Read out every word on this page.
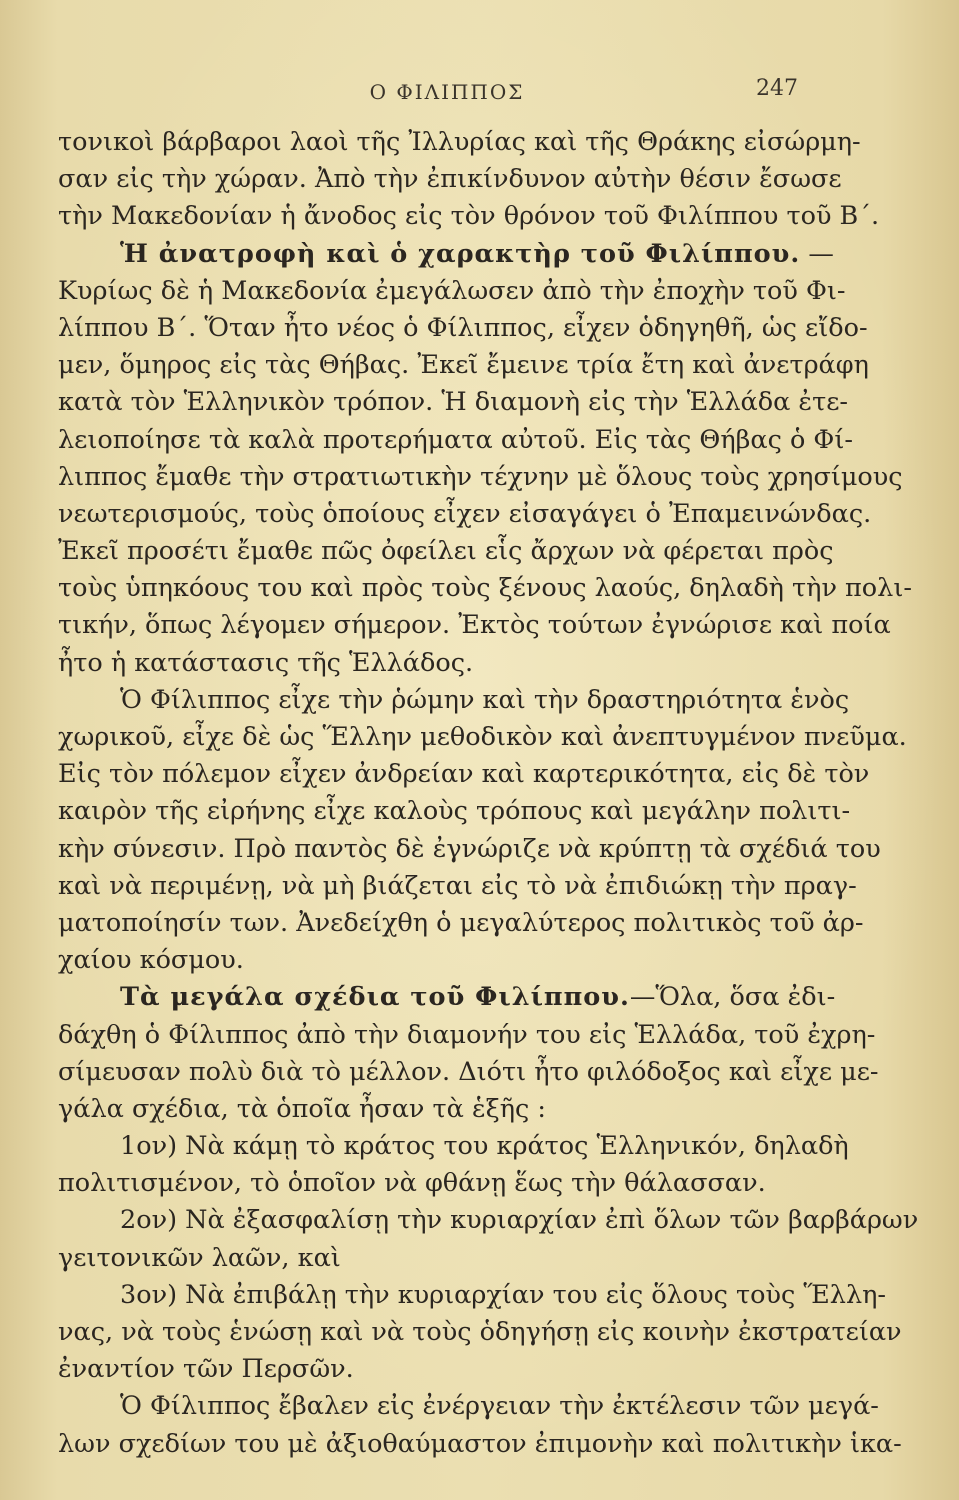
Ο ΦΙΛΙΠΠΟΣ	247
τονικοὶ βάρβαροι λαοὶ τῆς Ἰλλυρίας καὶ τῆς Θράκης εἰσώρμη-
σαν εἰς τὴν χώραν. Ἀπὸ τὴν ἐπικίνδυνον αὐτὴν θέσιν ἔσωσε
τὴν Μακεδονίαν ἡ ἄνοδος εἰς τὸν θρόνον τοῦ Φιλίππου τοῦ Β΄.
Ἡ ἀνατροφὴ καὶ ὁ χαρακτὴρ τοῦ Φιλίππου. —
Κυρίως δὲ ἡ Μακεδονία ἐμεγάλωσεν ἀπὸ τὴν ἐποχὴν τοῦ Φι-
λίππου Β΄. Ὅταν ἦτο νέος ὁ Φίλιππος, εἶχεν ὁδηγηθῆ, ὡς εἴδο-
μεν, ὅμηρος εἰς τὰς Θήβας. Ἐκεῖ ἔμεινε τρία ἔτη καὶ ἀνετράφη
κατὰ τὸν Ἑλληνικὸν τρόπον. Ἡ διαμονὴ εἰς τὴν Ἑλλάδα ἐτε-
λειοποίησε τὰ καλὰ προτερήματα αὐτοῦ. Εἰς τὰς Θήβας ὁ Φί-
λιππος ἔμαθε τὴν στρατιωτικὴν τέχνην μὲ ὅλους τοὺς χρησίμους
νεωτερισμούς, τοὺς ὁποίους εἶχεν εἰσαγάγει ὁ Ἐπαμεινώνδας.
Ἐκεῖ προσέτι ἔμαθε πῶς ὀφείλει εἷς ἄρχων νὰ φέρεται πρὸς
τοὺς ὑπηκόους του καὶ πρὸς τοὺς ξένους λαούς, δηλαδὴ τὴν πολι-
τικήν, ὅπως λέγομεν σήμερον. Ἐκτὸς τούτων ἐγνώρισε καὶ ποία
ἦτο ἡ κατάστασις τῆς Ἑλλάδος.
Ὁ Φίλιππος εἶχε τὴν ῥώμην καὶ τὴν δραστηριότητα ἑνὸς
χωρικοῦ, εἶχε δὲ ὡς Ἕλλην μεθοδικὸν καὶ ἀνεπτυγμένον πνεῦμα.
Εἰς τὸν πόλεμον εἶχεν ἀνδρείαν καὶ καρτερικότητα, εἰς δὲ τὸν
καιρὸν τῆς εἰρήνης εἶχε καλοὺς τρόπους καὶ μεγάλην πολιτι-
κὴν σύνεσιν. Πρὸ παντὸς δὲ ἐγνώριζε νὰ κρύπτῃ τὰ σχέδιά του
καὶ νὰ περιμένῃ, νὰ μὴ βιάζεται εἰς τὸ νὰ ἐπιδιώκῃ τὴν πραγ-
ματοποίησίν των. Ἀνεδείχθη ὁ μεγαλύτερος πολιτικὸς τοῦ ἀρ-
χαίου κόσμου.
Τὰ μεγάλα σχέδια τοῦ Φιλίππου.—Ὅλα, ὅσα ἐδι-
δάχθη ὁ Φίλιππος ἀπὸ τὴν διαμονήν του εἰς Ἑλλάδα, τοῦ ἐχρη-
σίμευσαν πολὺ διὰ τὸ μέλλον. Διότι ἦτο φιλόδοξος καὶ εἶχε με-
γάλα σχέδια, τὰ ὁποῖα ἦσαν τὰ ἑξῆς :
1ον) Νὰ κάμῃ τὸ κράτος του κράτος Ἑλληνικόν, δηλαδὴ
πολιτισμένον, τὸ ὁποῖον νὰ φθάνῃ ἕως τὴν θάλασσαν.
2ον) Νὰ ἐξασφαλίσῃ τὴν κυριαρχίαν ἐπὶ ὅλων τῶν βαρβάρων
γειτονικῶν λαῶν, καὶ
3ον) Νὰ ἐπιβάλῃ τὴν κυριαρχίαν του εἰς ὅλους τοὺς Ἕλλη-
νας, νὰ τοὺς ἑνώσῃ καὶ νὰ τοὺς ὁδηγήσῃ εἰς κοινὴν ἐκστρατείαν
ἐναντίον τῶν Περσῶν.
Ὁ Φίλιππος ἔβαλεν εἰς ἐνέργειαν τὴν ἐκτέλεσιν τῶν μεγά-
λων σχεδίων του μὲ ἀξιοθαύμαστον ἐπιμονὴν καὶ πολιτικὴν ἱκα-
